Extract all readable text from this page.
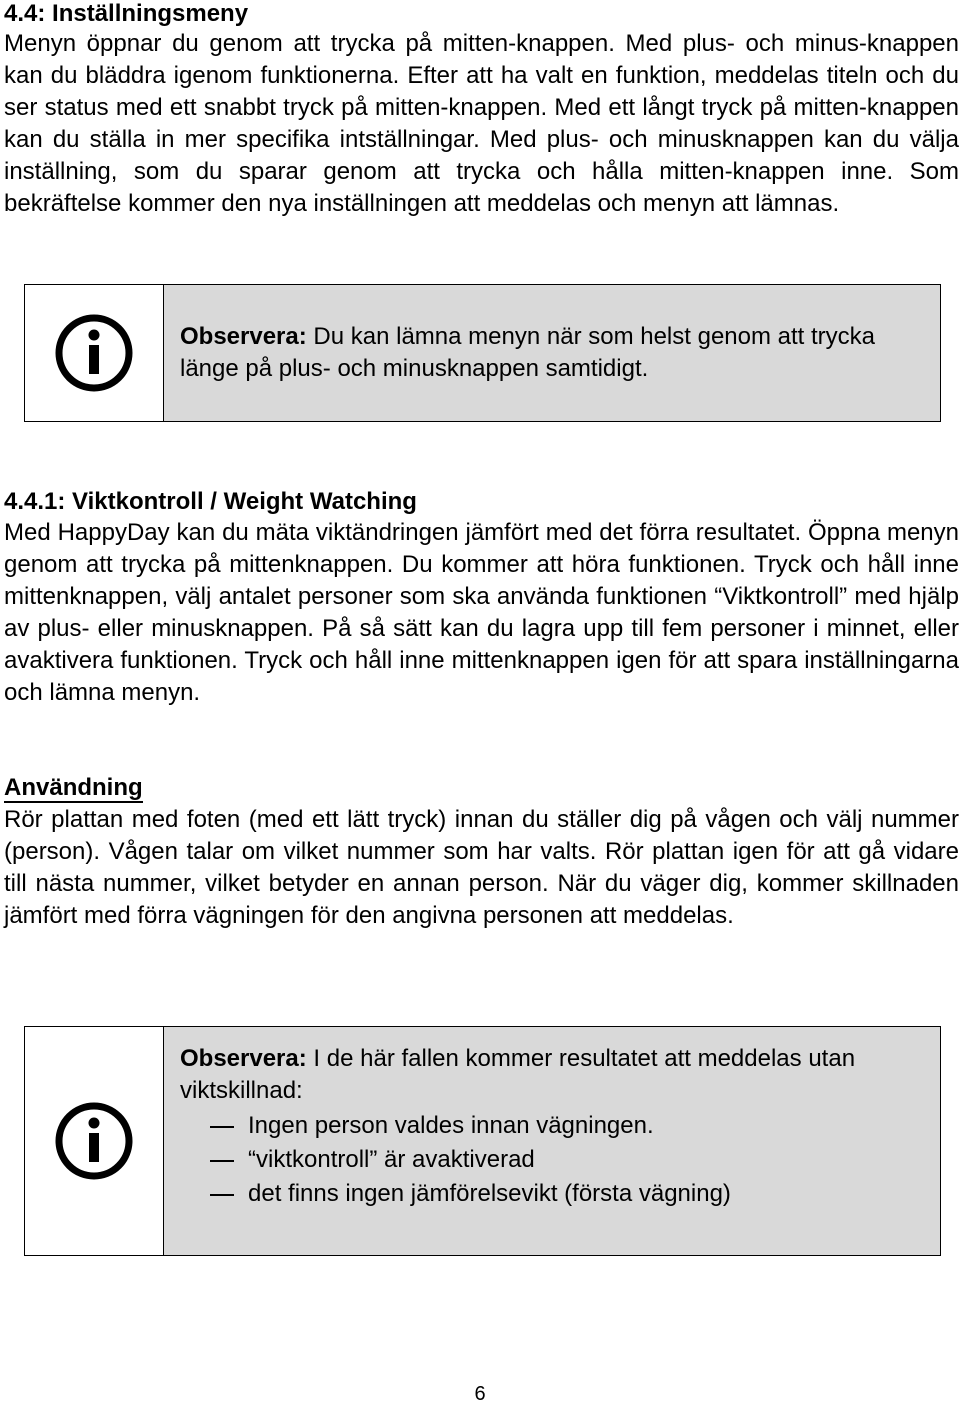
4.4: Inställningsmeny

Menyn öppnar du genom att trycka på mitten-knappen. Med plus- och minus-knappen kan du bläddra igenom funktionerna. Efter att ha valt en funktion, meddelas titeln och du ser status med ett snabbt tryck på mitten-knappen. Med ett långt tryck på mitten-knappen kan du ställa in mer specifika intställningar. Med plus- och minusknappen kan du välja inställning, som du sparar genom att trycka och hålla mitten-knappen inne. Som bekräftelse kommer den nya inställningen att meddelas och menyn att lämnas.

Observera: Du kan lämna menyn när som helst genom att trycka länge på plus- och minusknappen samtidigt.

4.4.1: Viktkontroll / Weight Watching

Med HappyDay kan du mäta viktändringen jämfört med det förra resultatet. Öppna menyn genom att trycka på mittenknappen. Du kommer att höra funktionen. Tryck och håll inne mittenknappen, välj antalet personer som ska använda funktionen “Viktkontroll” med hjälp av plus- eller minusknappen. På så sätt kan du lagra upp till fem personer i minnet, eller avaktivera funktionen. Tryck och håll inne mittenknappen igen för att spara inställningarna och lämna menyn.

Användning

Rör plattan med foten (med ett lätt tryck) innan du ställer dig på vågen och välj nummer (person). Vågen talar om vilket nummer som har valts. Rör plattan igen för att gå vidare till nästa nummer, vilket betyder en annan person. När du väger dig, kommer skillnaden jämfört med förra vägningen för den angivna personen att meddelas.

Observera: I de här fallen kommer resultatet att meddelas utan viktskillnad:

Ingen person valdes innan vägningen.
“viktkontroll” är avaktiverad
det finns ingen jämförelsevikt (första vägning)
6
